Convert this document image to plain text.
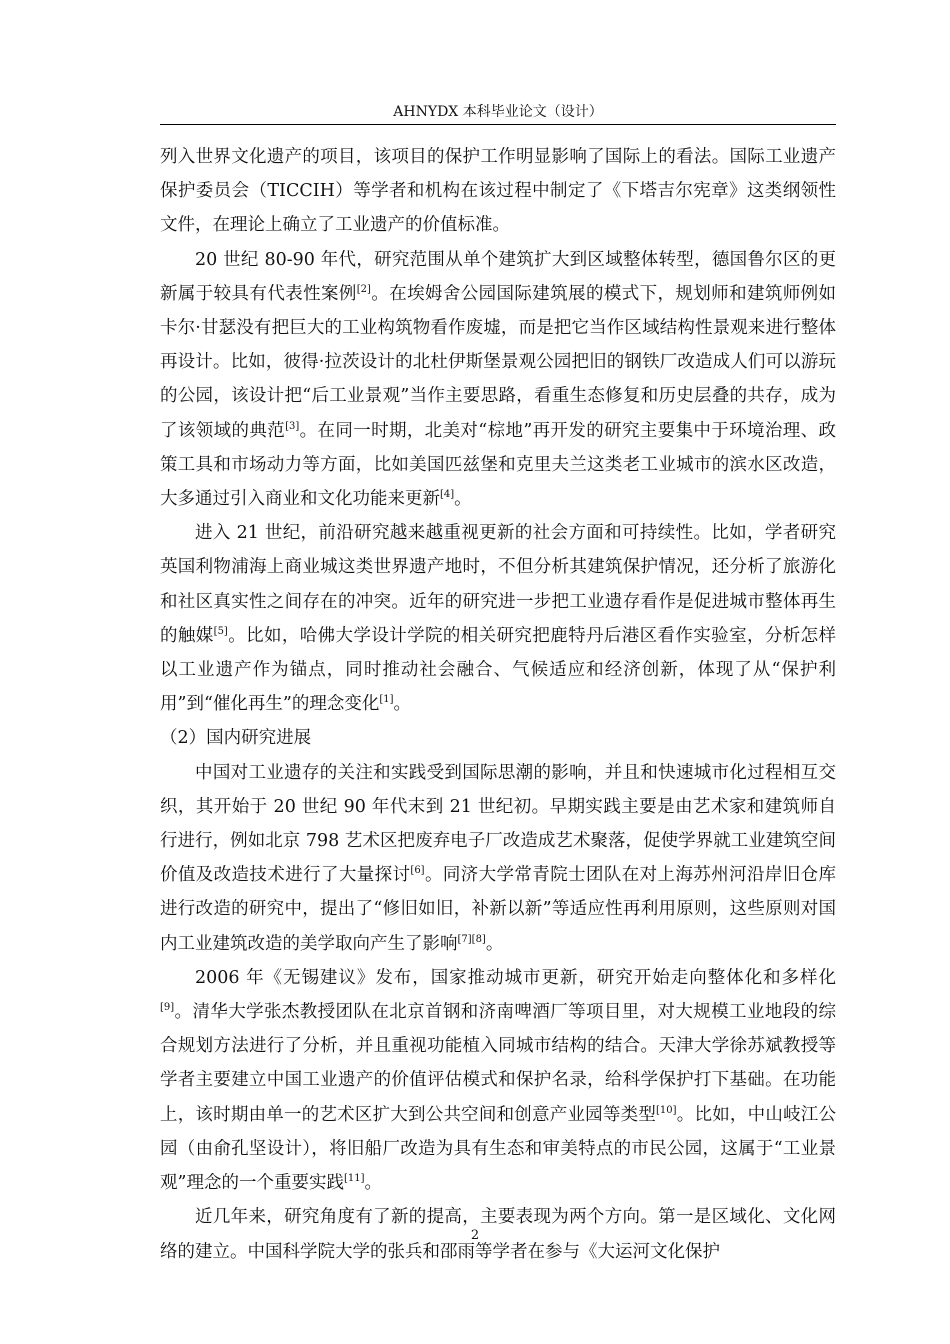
AHNYDX 本科毕业论文（设计）

列入世界文化遗产的项目，该项目的保护工作明显影响了国际上的看法。国际工业遗产保护委员会（TICCIH）等学者和机构在该过程中制定了《下塔吉尔宪章》这类纲领性文件，在理论上确立了工业遗产的价值标准。

20 世纪 80-90 年代，研究范围从单个建筑扩大到区域整体转型，德国鲁尔区的更新属于较具有代表性案例[2]。在埃姆舍公园国际建筑展的模式下，规划师和建筑师例如卡尔·甘瑟没有把巨大的工业构筑物看作废墟，而是把它当作区域结构性景观来进行整体再设计。比如，彼得·拉茨设计的北杜伊斯堡景观公园把旧的钢铁厂改造成人们可以游玩的公园，该设计把“后工业景观”当作主要思路，看重生态修复和历史层叠的共存，成为了该领域的典范[3]。在同一时期，北美对“棕地”再开发的研究主要集中于环境治理、政策工具和市场动力等方面，比如美国匹兹堡和克里夫兰这类老工业城市的滨水区改造，大多通过引入商业和文化功能来更新[4]。

进入 21 世纪，前沿研究越来越重视更新的社会方面和可持续性。比如，学者研究英国利物浦海上商业城这类世界遗产地时，不但分析其建筑保护情况，还分析了旅游化和社区真实性之间存在的冲突。近年的研究进一步把工业遗存看作是促进城市整体再生的触媒[5]。比如，哈佛大学设计学院的相关研究把鹿特丹后港区看作实验室，分析怎样以工业遗产作为锚点，同时推动社会融合、气候适应和经济创新，体现了从“保护利用”到“催化再生”的理念变化[1]。

（2）国内研究进展

中国对工业遗存的关注和实践受到国际思潮的影响，并且和快速城市化过程相互交织，其开始于 20 世纪 90 年代末到 21 世纪初。早期实践主要是由艺术家和建筑师自行进行，例如北京 798 艺术区把废弃电子厂改造成艺术聚落，促使学界就工业建筑空间价值及改造技术进行了大量探讨[6]。同济大学常青院士团队在对上海苏州河沿岸旧仓库进行改造的研究中，提出了“修旧如旧，补新以新”等适应性再利用原则，这些原则对国内工业建筑改造的美学取向产生了影响[7][8]。

2006 年《无锡建议》发布，国家推动城市更新，研究开始走向整体化和多样化[9]。清华大学张杰教授团队在北京首钢和济南啤酒厂等项目里，对大规模工业地段的综合规划方法进行了分析，并且重视功能植入同城市结构的结合。天津大学徐苏斌教授等学者主要建立中国工业遗产的价值评估模式和保护名录，给科学保护打下基础。在功能上，该时期由单一的艺术区扩大到公共空间和创意产业园等类型[10]。比如，中山岐江公园（由俞孔坚设计），将旧船厂改造为具有生态和审美特点的市民公园，这属于“工业景观”理念的一个重要实践[11]。

近几年来，研究角度有了新的提高，主要表现为两个方向。第一是区域化、文化网络的建立。中国科学院大学的张兵和邵雨等学者在参与《大运河文化保护

2
